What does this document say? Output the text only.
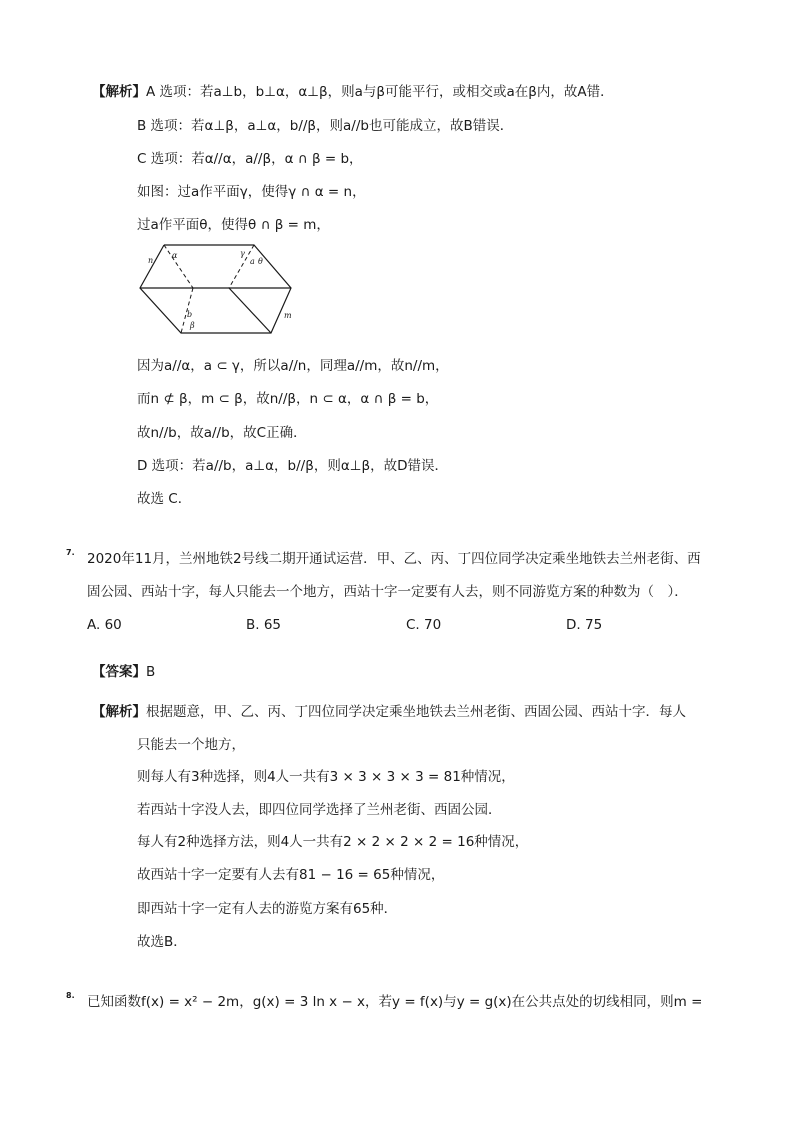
【解析】A 选项：若a⊥b，b⊥α，α⊥β，则a与β可能平行，或相交或a在β内，故A错．
B 选项：若α⊥β，a⊥α，b//β，则a//b也可能成立，故B错误．
C 选项：若α//α，a//β，α ∩ β = b，
如图：过a作平面γ，使得γ ∩ α = n，
过a作平面θ，使得θ ∩ β = m，
n
α	γ
a θ
m
b
β
因为a//α，a ⊂ γ，所以a//n，同理a//m，故n//m，
而n ⊄ β，m ⊂ β，故n//β，n ⊂ α，α ∩ β = b，
故n//b，故a//b，故C正确．
D 选项：若a//b，a⊥α，b//β，则α⊥β，故D错误．
故选 C．
7. 2020年11月，兰州地铁2号线二期开通试运营．甲、乙、丙、丁四位同学决定乘坐地铁去兰州老街、西
固公园、西站十字，每人只能去一个地方，西站十字一定要有人去，则不同游览方案的种数为（　）．
A. 60	B. 65	C. 70	D. 75
【答案】B
【解析】根据题意，甲、乙、丙、丁四位同学决定乘坐地铁去兰州老街、西固公园、西站十字．每人
只能去一个地方，
则每人有3种选择，则4人一共有3 × 3 × 3 × 3 = 81种情况，
若西站十字没人去，即四位同学选择了兰州老街、西固公园．
每人有2种选择方法，则4人一共有2 × 2 × 2 × 2 = 16种情况，
故西站十字一定要有人去有81 − 16 = 65种情况，
即西站十字一定有人去的游览方案有65种．
故选B．
8. 已知函数f(x) = x² − 2m，g(x) = 3 ln x − x，若y = f(x)与y = g(x)在公共点处的切线相同，则m =
